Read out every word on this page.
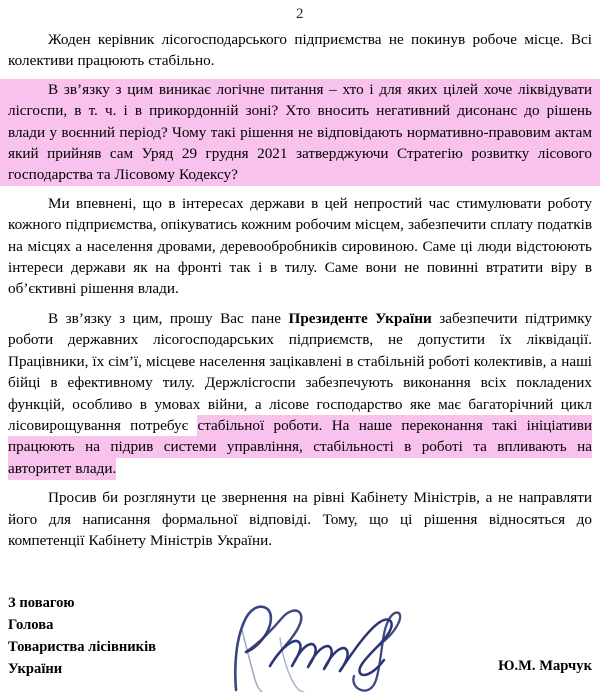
2

Жоден керівник лісогосподарського підприємства не покинув робоче місце. Всі колективи працюють стабільно.

В зв’язку з цим виникає логічне питання – хто і для яких цілей хоче ліквідувати лісгоспи, в т. ч. і в прикордонній зоні? Хто вносить негативний дисонанс до рішень влади у воєнний період? Чому такі рішення не відповідають нормативно-правовим актам який прийняв сам Уряд 29 грудня 2021 затверджуючи Стратегію розвитку лісового господарства та Лісовому Кодексу?

Ми впевнені, що в інтересах держави в цей непростий час стимулювати роботу кожного підприємства, опікуватись кожним робочим місцем, забезпечити сплату податків на місцях а населення дровами, деревообробників сировиною. Саме ці люди відстоюють інтереси держави як на фронті так і в тилу. Саме вони не повинні втратити віру в об’єктивні рішення влади.

В зв’язку з цим, прошу Вас пане Президенте України забезпечити підтримку роботи державних лісогосподарських підприємств, не допустити їх ліквідації. Працівники, їх сім’ї, місцеве населення зацікавлені в стабільній роботі колективів, а наші бійці в ефективному тилу. Держлісгоспи забезпечують виконання всіх покладених функцій, особливо в умовах війни, а лісове господарство яке має багаторічний цикл лісовирощування потребує стабільної роботи. На наше переконання такі ініціативи працюють на підрив системи управління, стабільності в роботі та впливають на авторитет влади.

Просив би розглянути це звернення на рівні Кабінету Міністрів, а не направляти його для написання формальної відповіді. Тому, що ці рішення відносяться до компетенції Кабінету Міністрів України.

З повагою
Голова
Товариства лісівників
України	Ю.М. Марчук
